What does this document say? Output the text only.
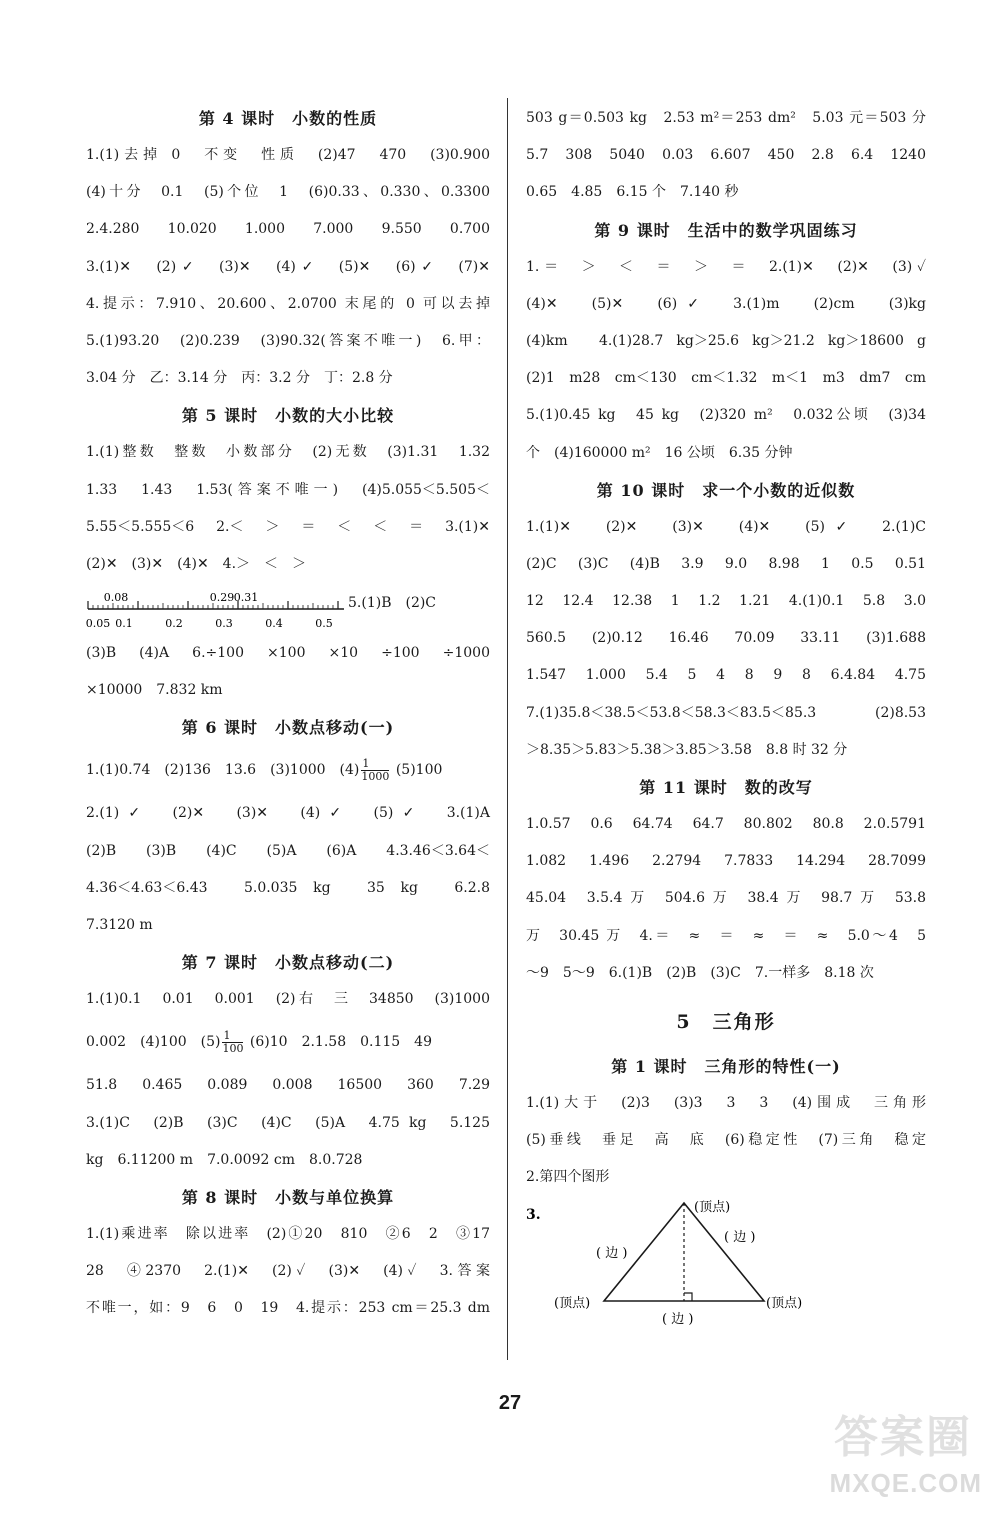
第 4 课时　小数的性质
1.(1)去掉 0　不变　性质　(2)47　470　(3)0.900
(4)十分　0.1　(5)个位　1　(6)0.33、0.330、0.3300
2.4.280　10.020　1.000　7.000　9.550　0.700
3.(1)✕　(2)✓　(3)✕　(4)✓　(5)✕　(6)✓　(7)✕
4.提示：7.910、20.600、2.0700 末尾的 0 可以去掉
5.(1)93.20　(2)0.239　(3)90.32(答案不唯一)　6.甲：
3.04 分　乙：3.14 分　丙：3.2 分　丁：2.8 分
第 5 课时　小数的大小比较
1.(1)整数　整数　小数部分　(2)无数　(3)1.31　1.32
1.33　1.43　1.53(答案不唯一)　(4)5.055＜5.505＜
5.55＜5.555＜6　2.＜　＞　＝　＜　＜　＝　3.(1)✕
(2)✕　(3)✕　(4)✕　4.＞　＜　＞
0.08	0.29 0.31
0.05 0.1	0.2	0.3	0.4	0.5
5.(1)B　(2)C
(3)B　(4)A　6.÷100　×100　×10　÷100　÷1000
×10000　7.832 km
第 6 课时　小数点移动(一)
1.(1)0.74　(2)136　13.6　(3)1000　$(4) \frac{1}{1000} (5)100$
2.(1)✓　(2)✕　(3)✕　(4)✓　(5)✓　3.(1)A
(2)B　(3)B　(4)C　(5)A　(6)A　4.3.46＜3.64＜
4.36＜4.63＜6.43　5.0.035 kg　35 kg　6.2.8
7.3120 m
第 7 课时　小数点移动(二)
1.(1)0.1　0.01　0.001　(2)右　三　34850　(3)1000
0.002　(4)100　$(5) \frac{1}{100} (6)10$　2.1.58　0.115　49
51.8　0.465　0.089　0.008　16500　360　7.29
3.(1)C　(2)B　(3)C　(4)C　(5)A　4.75 kg　5.125
kg　6.11200 m　7.0.0092 cm　8.0.728
第 8 课时　小数与单位换算
1.(1)乘进率　除以进率　(2)①20　810　②6　2　③17
28　④2370　2.(1)✕　(2)✓　(3)✕　(4)✓　3.答案
不唯一，如：9　6　0　19　4.提示：253 cm＝25.3 dm
503 g＝0.503 kg　2.53 m²＝253 dm²　5.03 元＝503 分
5.7　308　5040　0.03　6.607　450　2.8　6.4　1240
0.65　4.85　6.15 个　7.140 秒
第 9 课时　生活中的数学巩固练习
1.＝　＞　＜　＝　＞　＝　2.(1)✕　(2)✕　(3)✓
(4)✕　(5)✕　(6)✓　3.(1)m　(2)cm　(3)kg
(4)km　4.(1)28.7 kg＞25.6 kg＞21.2 kg＞18600 g
(2)1 m28 cm＜130 cm＜1.32 m＜1 m3 dm7 cm
5.(1)0.45 kg　45 kg　(2)320 m²　0.032公顷　(3)34
个　(4)160000 m²　16 公顷　6.35 分钟
第 10 课时　求一个小数的近似数
1.(1)✕　(2)✕　(3)✕　(4)✕　(5)✓　2.(1)C
(2)C　(3)C　(4)B　3.9　9.0　8.98　1　0.5　0.51
12　12.4　12.38　1　1.2　1.21　4.(1)0.1　5.8　3.0
560.5　(2)0.12　16.46　70.09　33.11　(3)1.688
1.547　1.000　5.4　5　4　8　9　8　6.4.84　4.75
7.(1)35.8＜38.5＜53.8＜58.3＜83.5＜85.3　(2)8.53
＞8.35＞5.83＞5.38＞3.85＞3.58　8.8 时 32 分
第 11 课时　数的改写
1.0.57　0.6　64.74　64.7　80.802　80.8　2.0.5791
1.082　1.496　2.2794　7.7833　14.294　28.7099
45.04　3.5.4 万　504.6 万　38.4 万　98.7 万　53.8
万　30.45 万　4.＝　≈　＝　≈　＝　≈　5.0～4　5
～9　5～9　6.(1)B　(2)B　(3)C　7.一样多　8.18 次
5　三角形
第 1 课时　三角形的特性(一)
1.(1)大于　(2)3　(3)3　3　3　(4)围成　三角形
(5)垂线　垂足　高　底　(6)稳定性　(7)三角　稳定
2.第四个图形
3.	(顶点)
(顶点)	(顶点)
( 边 )
( 边 )
( 边 )
27
答案圈
MXQE.COM
